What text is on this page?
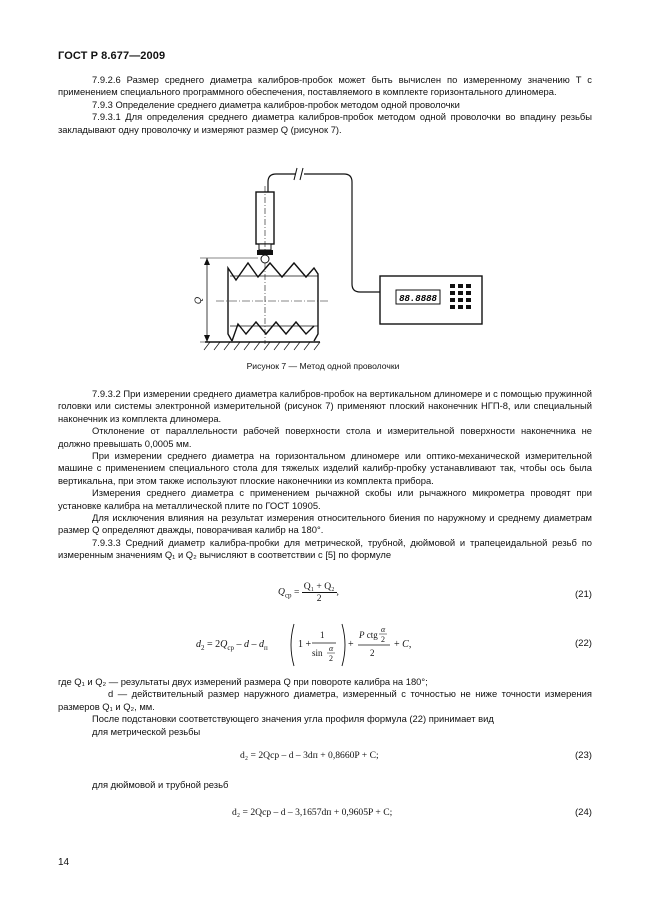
ГОСТ Р 8.677—2009

7.9.2.6 Размер среднего диаметра калибров-пробок может быть вычислен по измеренному значению T с применением специального программного обеспечения, поставляемого в комплекте горизонтального длиномера.

7.9.3 Определение среднего диаметра калибров-пробок методом одной проволочки

7.9.3.1 Для определения среднего диаметра калибров-пробок методом одной проволочки во впадину резьбы закладывают одну проволочку и измеряют размер Q (рисунок 7).

88.8888
Q
Рисунок 7 — Метод одной проволочки

7.9.3.2 При измерении среднего диаметра калибров-пробок на вертикальном длиномере и с помощью пружинной головки или системы электронной измерительной (рисунок 7) применяют плоский наконечник НГП-8, или специальный наконечник из комплекта длиномера.

Отклонение от параллельности рабочей поверхности стола и измерительной поверхности наконечника не должно превышать 0,0005 мм.

При измерении среднего диаметра на горизонтальном длиномере или оптико-механической измерительной машине с применением специального стола для тяжелых изделий калибр-пробку устанавливают так, чтобы ось была вертикальна, при этом также используют плоские наконечники из комплекта прибора.

Измерения среднего диаметра с применением рычажной скобы или рычажного микрометра проводят при установке калибра на металлической плите по ГОСТ 10905.

Для исключения влияния на результат измерения относительного биения по наружному и среднему диаметрам размер Q определяют дважды, поворачивая калибр на 180°.

7.9.3.3 Средний диаметр калибра-пробки для метрической, трубной, дюймовой и трапецеидальной резьб по измеренным значениям Q₁ и Q₂ вычисляют в соответствии с [5] по формуле

$Q_{ср} = \frac{\text{Q₁ + Q₂}}{2}$ ,	(21)
$d_2 = 2Q_{ср} - d - d_п$	1 +
1
sin α
2
+
P ctg
α
2
2
+ C,	(22)

где Q₁ и Q₂ — результаты двух измерений размера Q при повороте калибра на 180°;

d — действительный размер наружного диаметра, измеренный с точностью не ниже точности измерения размеров Q₁ и Q₂, мм.

После подстановки соответствующего значения угла профиля формула (22) принимает вид

для метрической резьбы

d₂ = 2Qср – d – 3dп + 0,8660P + C;	(23)

для дюймовой и трубной резьб

d₂ = 2Qср – d – 3,1657dп + 0,9605P + C;	(24)
14
